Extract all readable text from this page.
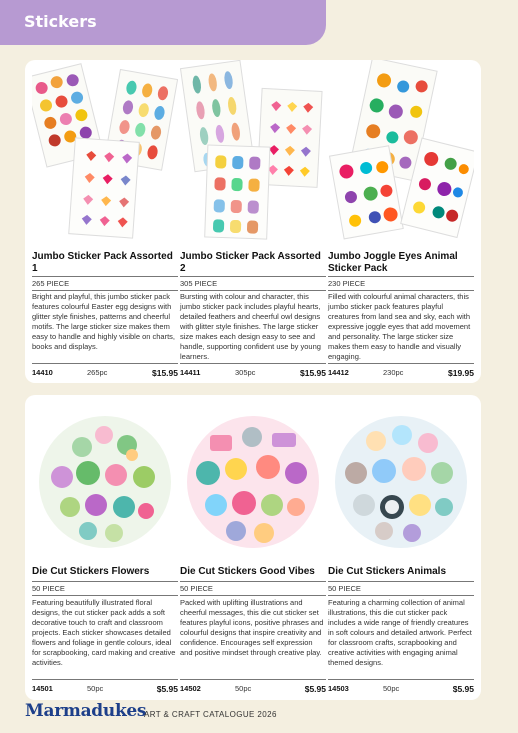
Stickers
Jumbo Sticker Pack Assorted 1
265 PIECE
Bright and playful, this jumbo sticker pack features colourful Easter egg designs with glitter style finishes, patterns and cheerful motifs. The large sticker size makes them easy to handle and highly visible on charts, books and displays.
14410	265pc	$15.95
Jumbo Sticker Pack Assorted 2
305 PIECE
Bursting with colour and character, this jumbo sticker pack includes playful hearts, detailed feathers and cheerful owl designs with glitter style finishes. The large sticker size makes each design easy to see and handle, supporting confident use by young learners.
14411	305pc	$15.95
Jumbo Joggle Eyes Animal Sticker Pack
230 PIECE
Filled with colourful animal characters, this jumbo sticker pack features playful creatures from land sea and sky, each with expressive joggle eyes that add movement and personality. The large sticker size makes them easy to handle and visually engaging.
14412	230pc	$19.95
Die Cut Stickers Flowers
50 PIECE
Featuring beautifully illustrated floral designs, the cut sticker pack adds a soft decorative touch to craft and classroom projects. Each sticker showcases detailed flowers and foliage in gentle colours, ideal for scrapbooking, card making and creative activities.
14501	50pc	$5.95
Die Cut Stickers Good Vibes
50 PIECE
Packed with uplifting illustrations and cheerful messages, this die cut sticker set features playful icons, positive phrases and colourful designs that inspire creativity and confidence. Encourages self expression and positive mindset through creative play.
14502	50pc	$5.95
Die Cut Stickers Animals
50 PIECE
Featuring a charming collection of animal illustrations, this die cut sticker pack includes a wide range of friendly creatures in soft colours and detailed artwork. Perfect for classroom crafts, scrapbooking and creative activities with engaging animal themed designs.
14503	50pc	$5.95
Marmadukes
ART & CRAFT CATALOGUE 2026
